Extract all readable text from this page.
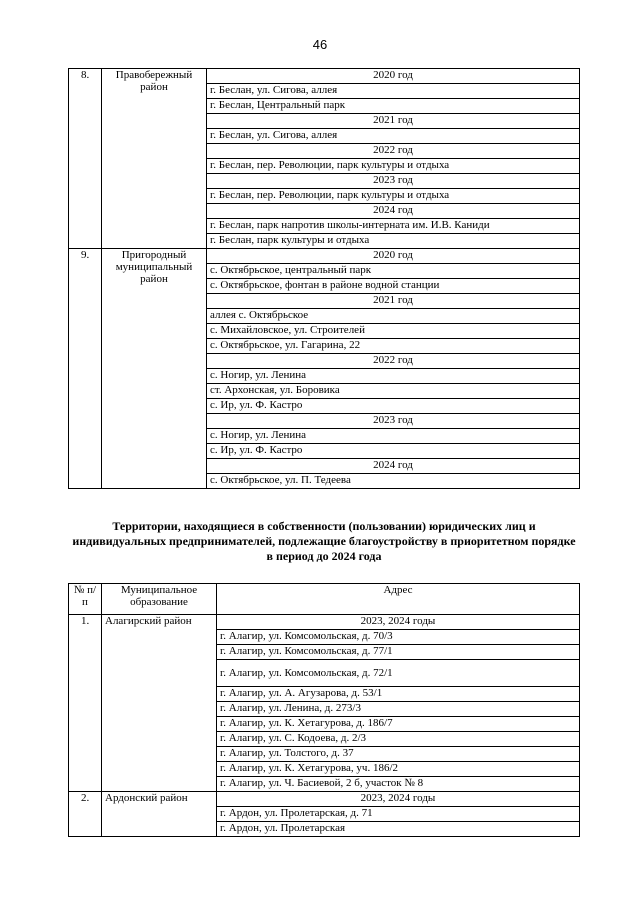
46
8.	Правобережный район	2020 год
		г. Беслан, ул. Сигова, аллея
		г. Беслан, Центральный парк
		2021 год
		г. Беслан, ул. Сигова, аллея
		2022 год
		г. Беслан, пер. Революции, парк культуры и отдыха
		2023 год
		г. Беслан, пер. Революции, парк культуры и отдыха
		2024 год
		г. Беслан, парк напротив школы-интерната им. И.В. Каниди
		г. Беслан, парк культуры и отдыха
9.	Пригородный муниципальный район	2020 год
		с. Октябрьское, центральный парк
		с. Октябрьское, фонтан в районе водной станции
		2021 год
		аллея с. Октябрьское
		с. Михайловское, ул. Строителей
		с. Октябрьское, ул. Гагарина, 22
		2022 год
		с. Ногир, ул. Ленина
		ст. Архонская, ул. Боровика
		с. Ир, ул. Ф. Кастро
		2023 год
		с. Ногир, ул. Ленина
		с. Ир, ул. Ф. Кастро
		2024 год
		с. Октябрьское, ул. П. Тедеева
Территории, находящиеся в собственности (пользовании) юридических лиц и индивидуальных предпринимателей, подлежащие благоустройству в приоритетном порядке в период до 2024 года
№ п/п	Муниципальное образование	Адрес
1.	Алагирский район	2023, 2024 годы
		г. Алагир, ул. Комсомольская, д. 70/3
		г. Алагир, ул. Комсомольская, д. 77/1
		г. Алагир, ул. Комсомольская, д. 72/1
		г. Алагир, ул. А. Агузарова, д. 53/1
		г. Алагир, ул. Ленина, д. 273/3
		г. Алагир, ул. К. Хетагурова, д. 186/7
		г. Алагир, ул. С. Кодоева, д. 2/3
		г. Алагир, ул. Толстого, д. 37
		г. Алагир, ул. К. Хетагурова, уч. 186/2
		г. Алагир, ул. Ч. Басиевой, 2 б, участок № 8
2.	Ардонский район	2023, 2024 годы
		г. Ардон, ул. Пролетарская, д. 71
		г. Ардон, ул. Пролетарская
